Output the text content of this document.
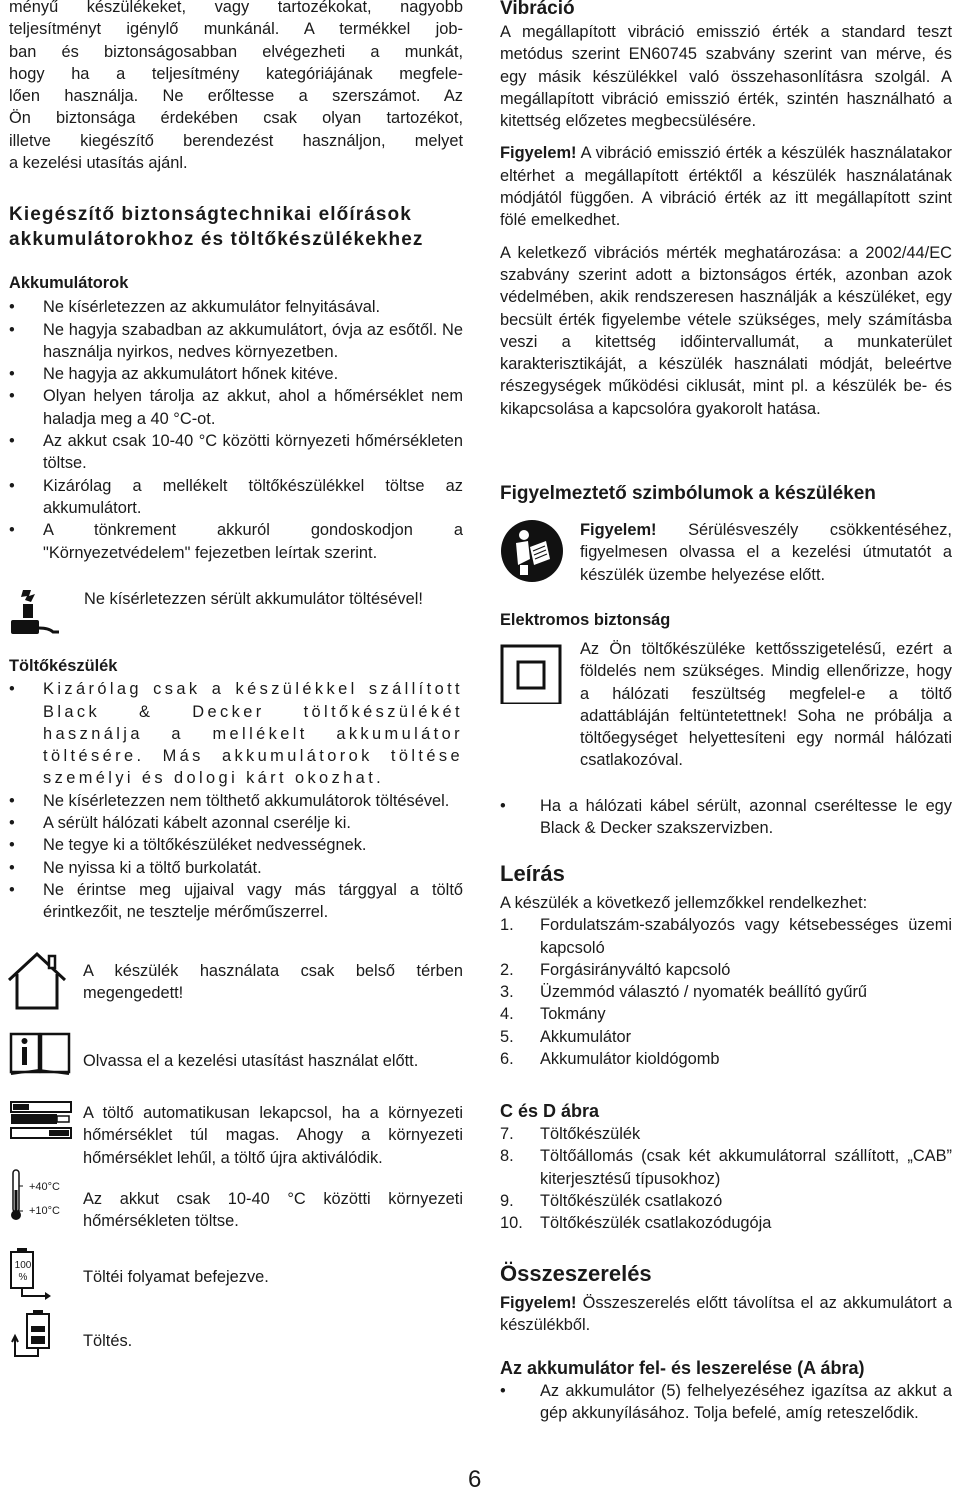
ményű készülékeket, vagy tartozékokat, nagyobb

teljesítményt igénylő munkánál. A termékkel job-

ban és biztonságosabban elvégezheti a munkát,

hogy ha a teljesítmény kategóriájának megfele-

lően használja. Ne erőltesse a szerszámot. Az

Ön biztonsága érdekében csak olyan tartozékot,

illetve kiegészítő berendezést használjon, melyet

a kezelési utasítás ajánl.

Kiegészítő biztonságtechnikai előírások
akkumulátorokhoz és töltőkészülékekhez
Akkumulátorok
• Ne kísérletezzen az akkumulátor felnyitásával.
• Ne hagyja szabadban az akkumulátort, óvja az esőtől. Ne használja nyirkos, nedves környezetben.
• Ne hagyja az akkumulátort hőnek kitéve.
• Olyan helyen tárolja az akkut, ahol a hőmérséklet nem haladja meg a 40 °C-ot.
• Az akkut csak 10-40 °C közötti környezeti hőmérsékleten töltse.
• Kizárólag a mellékelt töltőkészülékkel töltse az akkumulátort.
• A tönkrement akkuról gondoskodjon a "Környezetvédelem" fejezetben leírtak szerint.
Ne kísérletezzen sérült akkumulátor töltésével!
Töltőkészülék
• Kizárólag csak a készülékkel szállított Black & Decker töltőkészülékét használja a mellékelt akkumulátor töltésére. Más akkumulátorok töltése személyi és dologi kárt okozhat.
• Ne kísérletezzen nem tölthető akkumulátorok töltésével.
• A sérült hálózati kábelt azonnal cserélje ki.
• Ne tegye ki a töltőkészüléket nedvességnek.
• Ne nyissa ki a töltő burkolatát.
• Ne érintse meg ujjaival vagy más tárggyal a töltő érintkezőit, ne tesztelje mérőműszerrel.
A készülék használata csak belső térben megengedett!
Olvassa el a kezelési utasítást használat előtt.
A töltő automatikusan lekapcsol, ha a környezeti hőmérséklet túl magas. Ahogy a környezeti hőmérséklet lehűl, a töltő újra aktiválódik.
+40°C
+10°C
Az akkut csak 10-40 °C közötti környezeti hőmérsékleten töltse.
100 %	Töltéi folyamat befejezve.
Töltés.
Vibráció

A megállapított vibráció emisszió érték a standard teszt metódus szerint EN60745 szabvány szerint van mérve, és egy másik készülékkel való összehasonlításra szolgál. A megállapított vibráció emisszió érték, szintén használható a kitettség előzetes megbecsülésére.

Figyelem! A vibráció emisszió érték a készülék használatakor eltérhet a megállapított értéktől a készülék használatának módjától függően. A vibráció érték az itt megállapított szint fölé emelkedhet.

A keletkező vibrációs mérték meghatározása: a 2002/44/EC szabvány szerint adott a biztonságos érték, azonban azok védelmében, akik rendszeresen használják a készüléket, egy becsült érték figyelembe vétele szükséges, mely számításba veszi a kitettség időintervallumát, a munkaterület karakterisztikáját, a készülék használati módját, beleértve részegységek működési ciklusát, mint pl. a készülék be- és kikapcsolása a kapcsolóra gyakorolt hatása.

Figyelmeztető szimbólumok a készüléken
Figyelem! Sérülésveszély csökkentéséhez, figyelmesen olvassa el a kezelési útmutatót a készülék üzembe helyezése előtt.
Elektromos biztonság
Az Ön töltőkészüléke kettősszigetelésű, ezért a földelés nem szükséges. Mindig ellenőrizze, hogy a hálózati feszültség megfelel-e a töltő adattábláján feltüntetettnek! Soha ne próbálja a töltőegységet helyettesíteni egy normál hálózati csatlakozóval.
• Ha a hálózati kábel sérült, azonnal cseréltesse le egy Black & Decker szakszervizben.
Leírás

A készülék a következő jellemzőkkel rendelkezhet:

1.	Fordulatszám-szabályozós vagy kétsebességes üzemi kapcsoló
2.	Forgásirányváltó kapcsoló
3.	Üzemmód választó / nyomaték beállító gyűrű
4.	Tokmány
5.	Akkumulátor
6.	Akkumulátor kioldógomb
C és D ábra
7.	Töltőkészülék
8.	Töltőállomás (csak két akkumulátorral szállított, „CAB” kiterjesztésű típusokhoz)
9.	Töltőkészülék csatlakozó
10.	Töltőkészülék csatlakozódugója
Összeszerelés

Figyelem! Összeszerelés előtt távolítsa el az akkumulátort a készülékből.

Az akkumulátor fel- és leszerelése (A ábra)
• Az akkumulátor (5) felhelyezéséhez igazítsa az akkut a gép akkunyílásához. Tolja befelé, amíg reteszelődik.
6
